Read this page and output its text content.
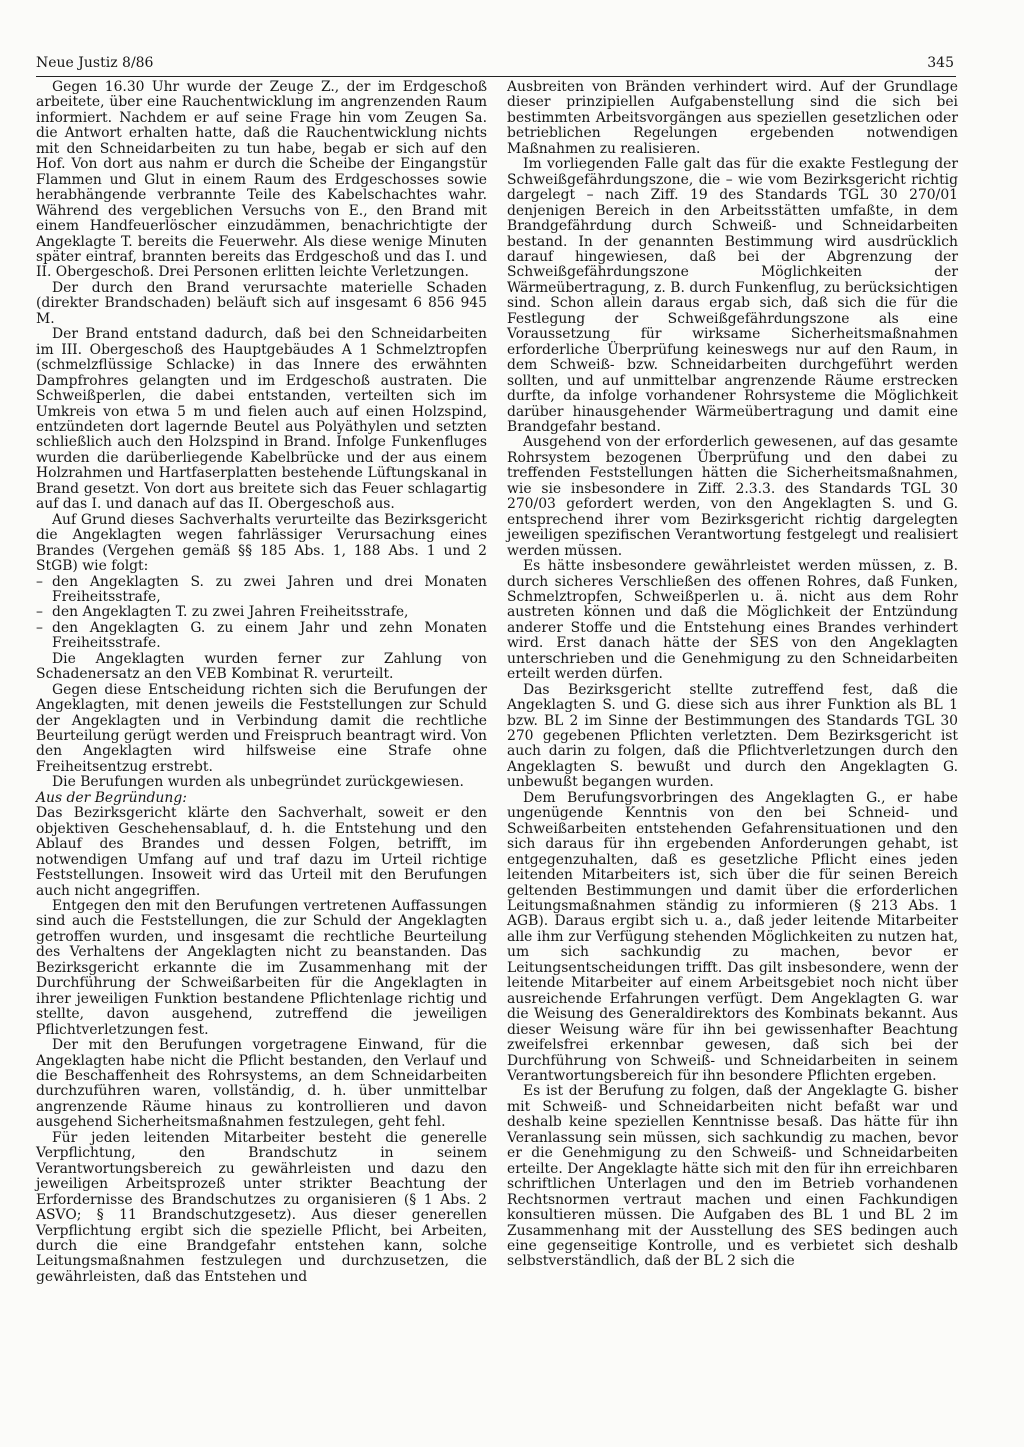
Neue Justiz 8/86	345

Gegen 16.30 Uhr wurde der Zeuge Z., der im Erdgeschoß arbeitete, über eine Rauchentwicklung im angrenzenden Raum informiert. Nachdem er auf seine Frage hin vom Zeugen Sa. die Antwort erhalten hatte, daß die Rauchentwicklung nichts mit den Schneidarbeiten zu tun habe, begab er sich auf den Hof. Von dort aus nahm er durch die Scheibe der Eingangstür Flammen und Glut in einem Raum des Erdgeschosses sowie herabhängende verbrannte Teile des Kabelschachtes wahr. Während des vergeblichen Versuchs von E., den Brand mit einem Handfeuerlöscher einzudämmen, benachrichtigte der Angeklagte T. bereits die Feuerwehr. Als diese wenige Minuten später eintraf, brannten bereits das Erdgeschoß und das I. und II. Obergeschoß. Drei Personen erlitten leichte Verletzungen.

Der durch den Brand verursachte materielle Schaden (direkter Brandschaden) beläuft sich auf insgesamt 6 856 945 M.

Der Brand entstand dadurch, daß bei den Schneidarbeiten im III. Obergeschoß des Hauptgebäudes A 1 Schmelztropfen (schmelzflüssige Schlacke) in das Innere des erwähnten Dampfrohres gelangten und im Erdgeschoß austraten. Die Schweißperlen, die dabei entstanden, verteilten sich im Umkreis von etwa 5 m und fielen auch auf einen Holzspind, entzündeten dort lagernde Beutel aus Polyäthylen und setzten schließlich auch den Holzspind in Brand. Infolge Funkenfluges wurden die darüberliegende Kabelbrücke und der aus einem Holzrahmen und Hartfaserplatten bestehende Lüftungskanal in Brand gesetzt. Von dort aus breitete sich das Feuer schlagartig auf das I. und danach auf das II. Obergeschoß aus.

Auf Grund dieses Sachverhalts verurteilte das Bezirksgericht die Angeklagten wegen fahrlässiger Verursachung eines Brandes (Vergehen gemäß §§ 185 Abs. 1, 188 Abs. 1 und 2 StGB) wie folgt:

– den Angeklagten S. zu zwei Jahren und drei Monaten Freiheitsstrafe,
– den Angeklagten T. zu zwei Jahren Freiheitsstrafe,
– den Angeklagten G. zu einem Jahr und zehn Monaten Freiheitsstrafe.

Die Angeklagten wurden ferner zur Zahlung von Schadenersatz an den VEB Kombinat R. verurteilt.

Gegen diese Entscheidung richten sich die Berufungen der Angeklagten, mit denen jeweils die Feststellungen zur Schuld der Angeklagten und in Verbindung damit die rechtliche Beurteilung gerügt werden und Freispruch beantragt wird. Von den Angeklagten wird hilfsweise eine Strafe ohne Freiheitsentzug erstrebt.

Die Berufungen wurden als unbegründet zurückgewiesen.

Aus der Begründung:

Das Bezirksgericht klärte den Sachverhalt, soweit er den objektiven Geschehensablauf, d. h. die Entstehung und den Ablauf des Brandes und dessen Folgen, betrifft, im notwendigen Umfang auf und traf dazu im Urteil richtige Feststellungen. Insoweit wird das Urteil mit den Berufungen auch nicht angegriffen.

Entgegen den mit den Berufungen vertretenen Auffassungen sind auch die Feststellungen, die zur Schuld der Angeklagten getroffen wurden, und insgesamt die rechtliche Beurteilung des Verhaltens der Angeklagten nicht zu beanstanden. Das Bezirksgericht erkannte die im Zusammenhang mit der Durchführung der Schweißarbeiten für die Angeklagten in ihrer jeweiligen Funktion bestandene Pflichtenlage richtig und stellte, davon ausgehend, zutreffend die jeweiligen Pflichtverletzungen fest.

Der mit den Berufungen vorgetragene Einwand, für die Angeklagten habe nicht die Pflicht bestanden, den Verlauf und die Beschaffenheit des Rohrsystems, an dem Schneidarbeiten durchzuführen waren, vollständig, d. h. über unmittelbar angrenzende Räume hinaus zu kontrollieren und davon ausgehend Sicherheitsmaßnahmen festzulegen, geht fehl.

Für jeden leitenden Mitarbeiter besteht die generelle Verpflichtung, den Brandschutz in seinem Verantwortungsbereich zu gewährleisten und dazu den jeweiligen Arbeitsprozeß unter strikter Beachtung der Erfordernisse des Brandschutzes zu organisieren (§ 1 Abs. 2 ASVO; § 11 Brandschutzgesetz). Aus dieser generellen Verpflichtung ergibt sich die spezielle Pflicht, bei Arbeiten, durch die eine Brandgefahr entstehen kann, solche Leitungsmaßnahmen festzulegen und durchzusetzen, die gewährleisten, daß das Entstehen und

Ausbreiten von Bränden verhindert wird. Auf der Grundlage dieser prinzipiellen Aufgabenstellung sind die sich bei bestimmten Arbeitsvorgängen aus speziellen gesetzlichen oder betrieblichen Regelungen ergebenden notwendigen Maßnahmen zu realisieren.

Im vorliegenden Falle galt das für die exakte Festlegung der Schweißgefährdungszone, die – wie vom Bezirksgericht richtig dargelegt – nach Ziff. 19 des Standards TGL 30 270/01 denjenigen Bereich in den Arbeitsstätten umfaßte, in dem Brandgefährdung durch Schweiß- und Schneidarbeiten bestand. In der genannten Bestimmung wird ausdrücklich darauf hingewiesen, daß bei der Abgrenzung der Schweißgefährdungszone Möglichkeiten der Wärmeübertragung, z. B. durch Funkenflug, zu berücksichtigen sind. Schon allein daraus ergab sich, daß sich die für die Festlegung der Schweißgefährdungszone als eine Voraussetzung für wirksame Sicherheitsmaßnahmen erforderliche Überprüfung keineswegs nur auf den Raum, in dem Schweiß- bzw. Schneidarbeiten durchgeführt werden sollten, und auf unmittelbar angrenzende Räume erstrecken durfte, da infolge vorhandener Rohrsysteme die Möglichkeit darüber hinausgehender Wärmeübertragung und damit eine Brandgefahr bestand.

Ausgehend von der erforderlich gewesenen, auf das gesamte Rohrsystem bezogenen Überprüfung und den dabei zu treffenden Feststellungen hätten die Sicherheitsmaßnahmen, wie sie insbesondere in Ziff. 2.3.3. des Standards TGL 30 270/03 gefordert werden, von den Angeklagten S. und G. entsprechend ihrer vom Bezirksgericht richtig dargelegten jeweiligen spezifischen Verantwortung festgelegt und realisiert werden müssen.

Es hätte insbesondere gewährleistet werden müssen, z. B. durch sicheres Verschließen des offenen Rohres, daß Funken, Schmelztropfen, Schweißperlen u. ä. nicht aus dem Rohr austreten können und daß die Möglichkeit der Entzündung anderer Stoffe und die Entstehung eines Brandes verhindert wird. Erst danach hätte der SES von den Angeklagten unterschrieben und die Genehmigung zu den Schneidarbeiten erteilt werden dürfen.

Das Bezirksgericht stellte zutreffend fest, daß die Angeklagten S. und G. diese sich aus ihrer Funktion als BL 1 bzw. BL 2 im Sinne der Bestimmungen des Standards TGL 30 270 gegebenen Pflichten verletzten. Dem Bezirksgericht ist auch darin zu folgen, daß die Pflichtverletzungen durch den Angeklagten S. bewußt und durch den Angeklagten G. unbewußt begangen wurden.

Dem Berufungsvorbringen des Angeklagten G., er habe ungenügende Kenntnis von den bei Schneid- und Schweißarbeiten entstehenden Gefahrensituationen und den sich daraus für ihn ergebenden Anforderungen gehabt, ist entgegenzuhalten, daß es gesetzliche Pflicht eines jeden leitenden Mitarbeiters ist, sich über die für seinen Bereich geltenden Bestimmungen und damit über die erforderlichen Leitungsmaßnahmen ständig zu informieren (§ 213 Abs. 1 AGB). Daraus ergibt sich u. a., daß jeder leitende Mitarbeiter alle ihm zur Verfügung stehenden Möglichkeiten zu nutzen hat, um sich sachkundig zu machen, bevor er Leitungsentscheidungen trifft. Das gilt insbesondere, wenn der leitende Mitarbeiter auf einem Arbeitsgebiet noch nicht über ausreichende Erfahrungen verfügt. Dem Angeklagten G. war die Weisung des Generaldirektors des Kombinats bekannt. Aus dieser Weisung wäre für ihn bei gewissenhafter Beachtung zweifelsfrei erkennbar gewesen, daß sich bei der Durchführung von Schweiß- und Schneidarbeiten in seinem Verantwortungsbereich für ihn besondere Pflichten ergeben.

Es ist der Berufung zu folgen, daß der Angeklagte G. bisher mit Schweiß- und Schneidarbeiten nicht befaßt war und deshalb keine speziellen Kenntnisse besaß. Das hätte für ihn Veranlassung sein müssen, sich sachkundig zu machen, bevor er die Genehmigung zu den Schweiß- und Schneidarbeiten erteilte. Der Angeklagte hätte sich mit den für ihn erreichbaren schriftlichen Unterlagen und den im Betrieb vorhandenen Rechtsnormen vertraut machen und einen Fachkundigen konsultieren müssen. Die Aufgaben des BL 1 und BL 2 im Zusammenhang mit der Ausstellung des SES bedingen auch eine gegenseitige Kontrolle, und es verbietet sich deshalb selbstverständlich, daß der BL 2 sich die
